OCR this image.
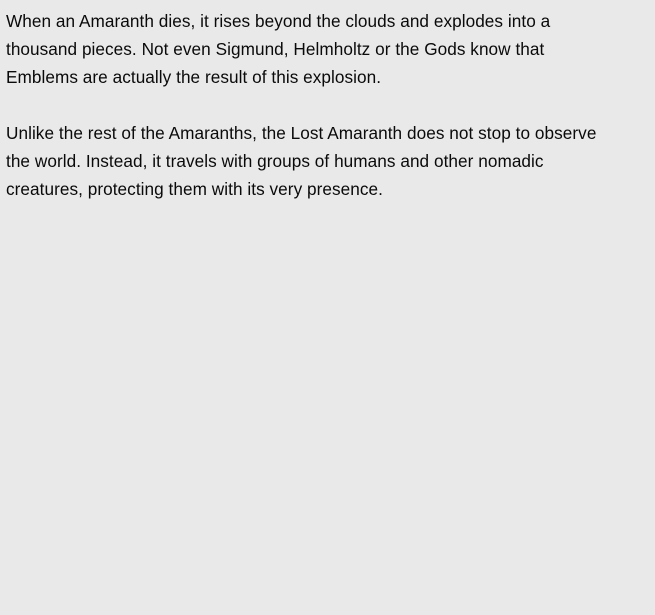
When an Amaranth dies, it rises beyond the clouds and explodes into a
thousand pieces. Not even Sigmund, Helmholtz or the Gods know that
Emblems are actually the result of this explosion.

Unlike the rest of the Amaranths, the Lost Amaranth does not stop to observe
the world. Instead, it travels with groups of humans and other nomadic
creatures, protecting them with its very presence.
